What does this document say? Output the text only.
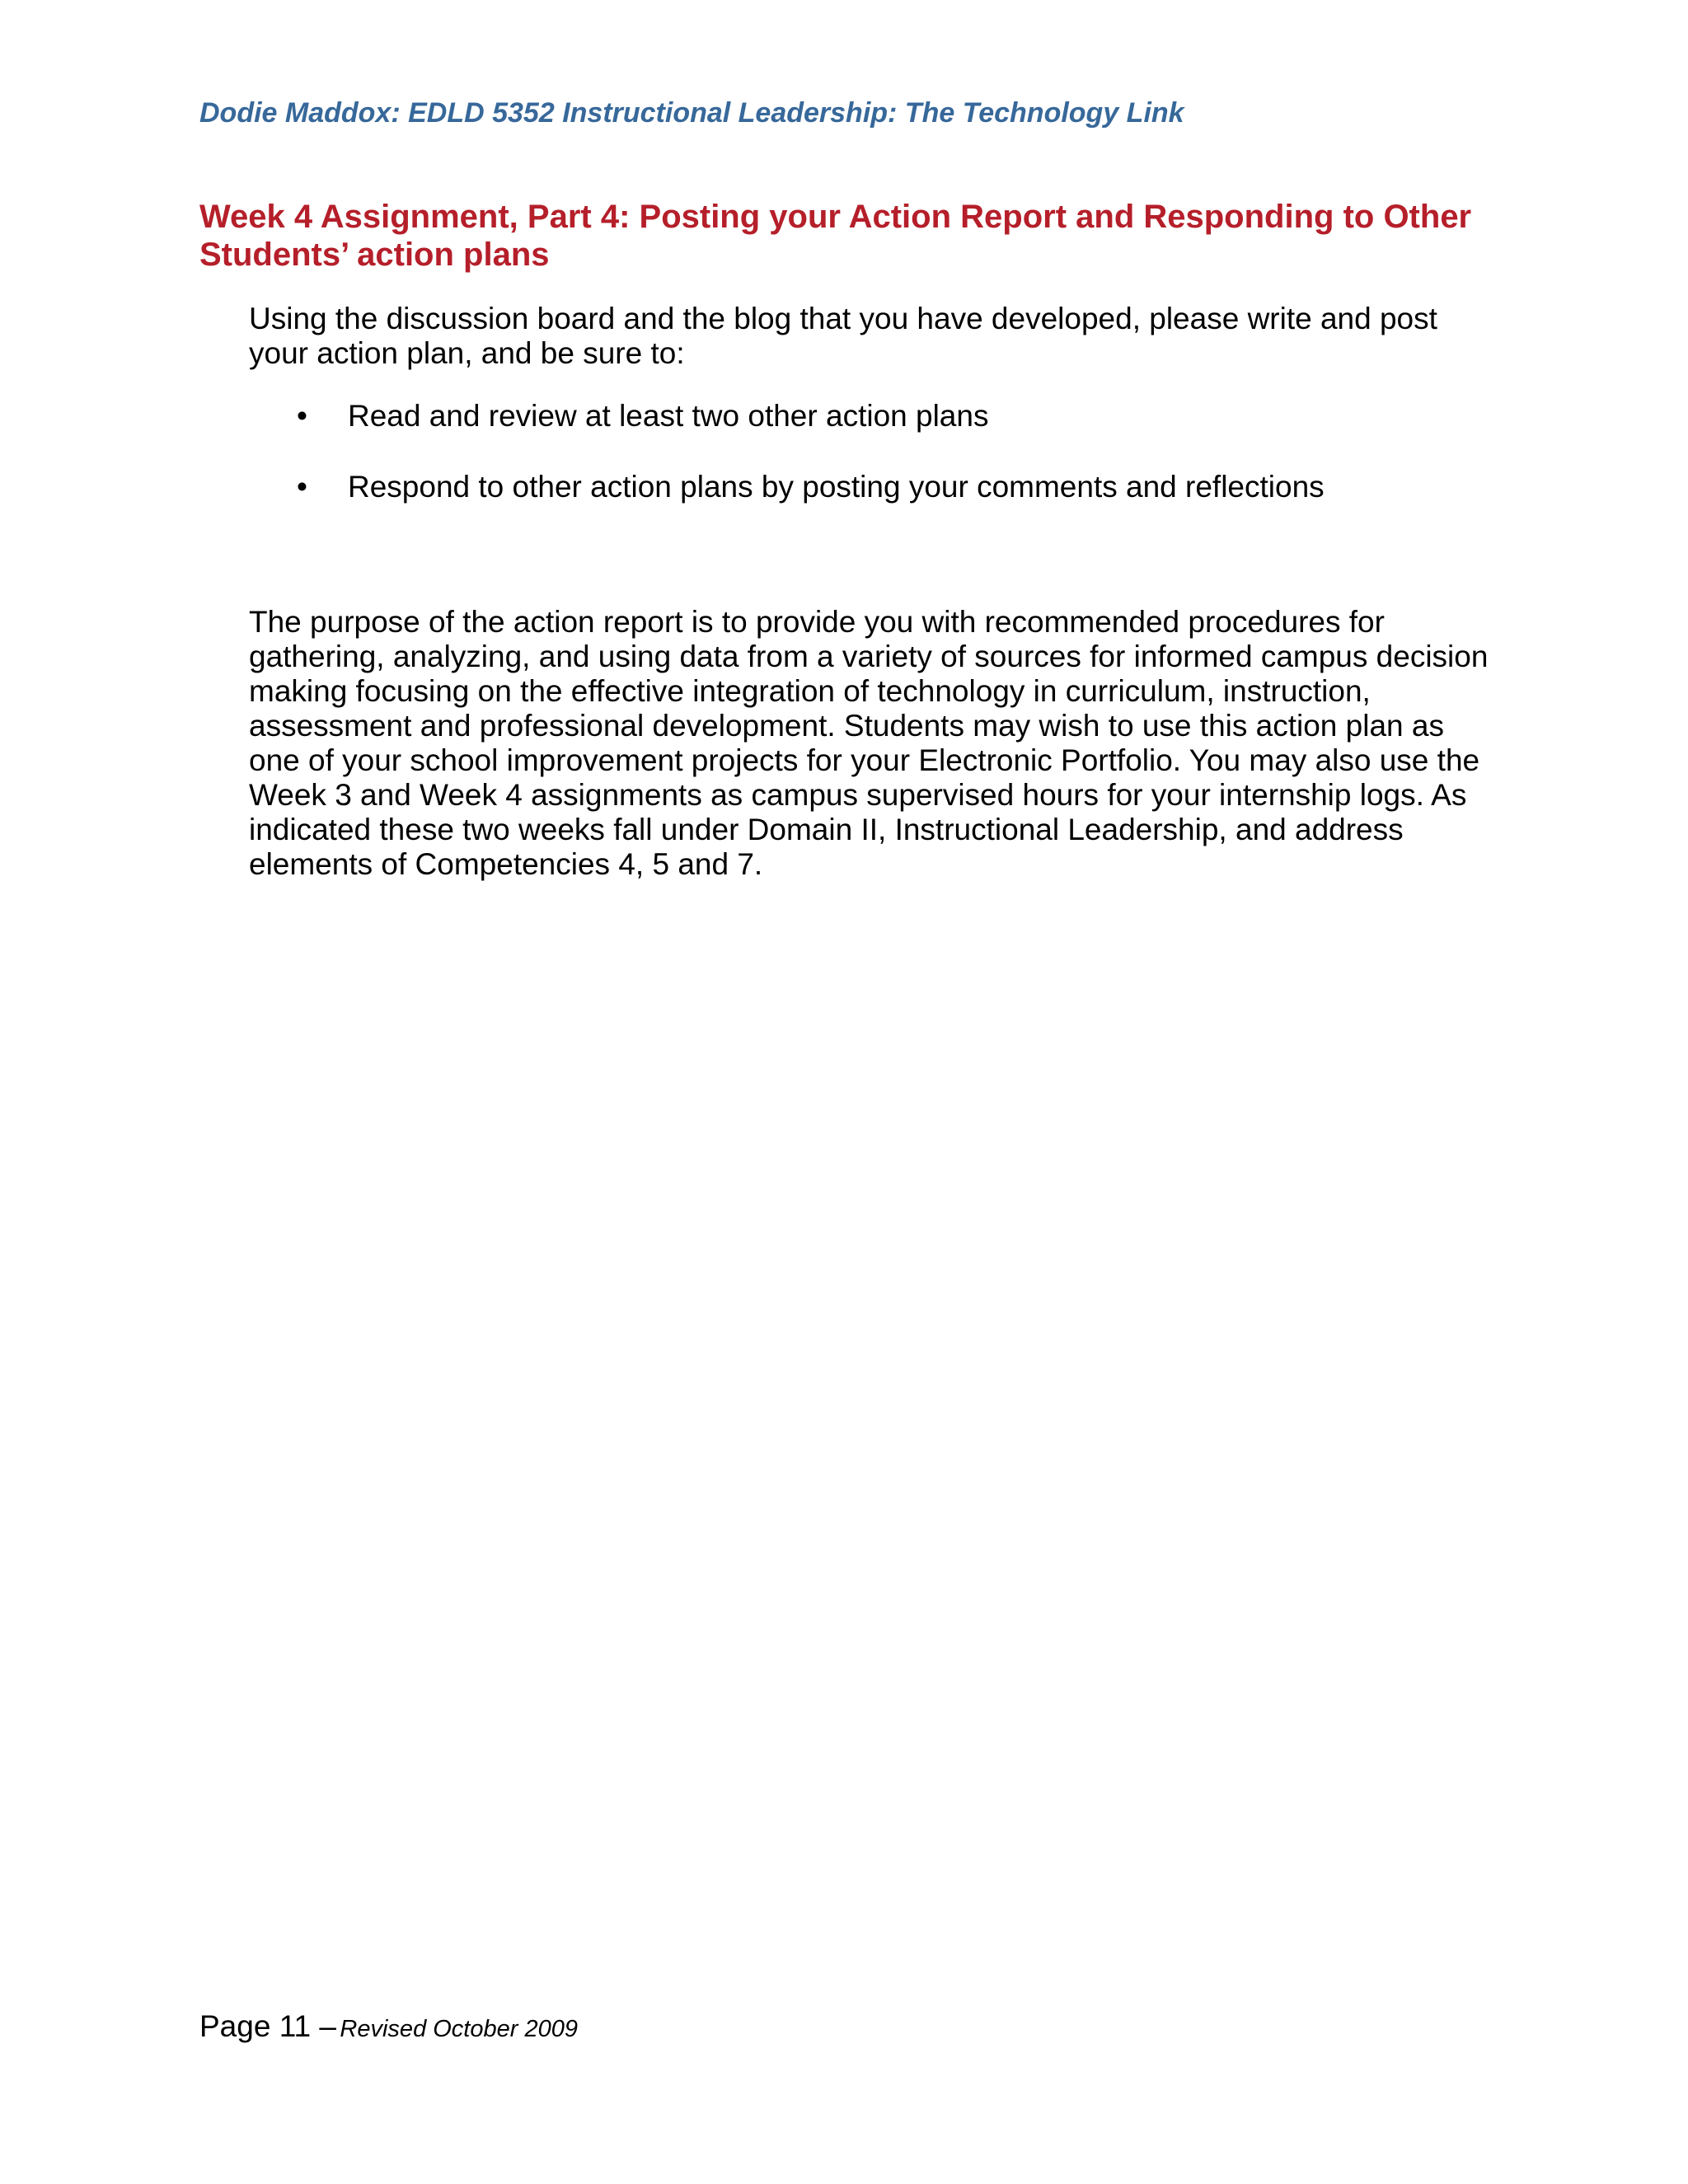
Dodie Maddox: EDLD 5352 Instructional Leadership: The Technology Link
Week 4 Assignment, Part 4: Posting your Action Report and Responding to Other Students’ action plans

Using the discussion board and the blog that you have developed, please write and post your action plan, and be sure to:

• Read and review at least two other action plans
• Respond to other action plans by posting your comments and reflections

The purpose of the action report is to provide you with recommended procedures for gathering, analyzing, and using data from a variety of sources for informed campus decision making focusing on the effective integration of technology in curriculum, instruction, assessment and professional development. Students may wish to use this action plan as one of your school improvement projects for your Electronic Portfolio. You may also use the Week 3 and Week 4 assignments as campus supervised hours for your internship logs. As indicated these two weeks fall under Domain II, Instructional Leadership, and address elements of Competencies 4, 5 and 7.

Page 11 – Revised October 2009
